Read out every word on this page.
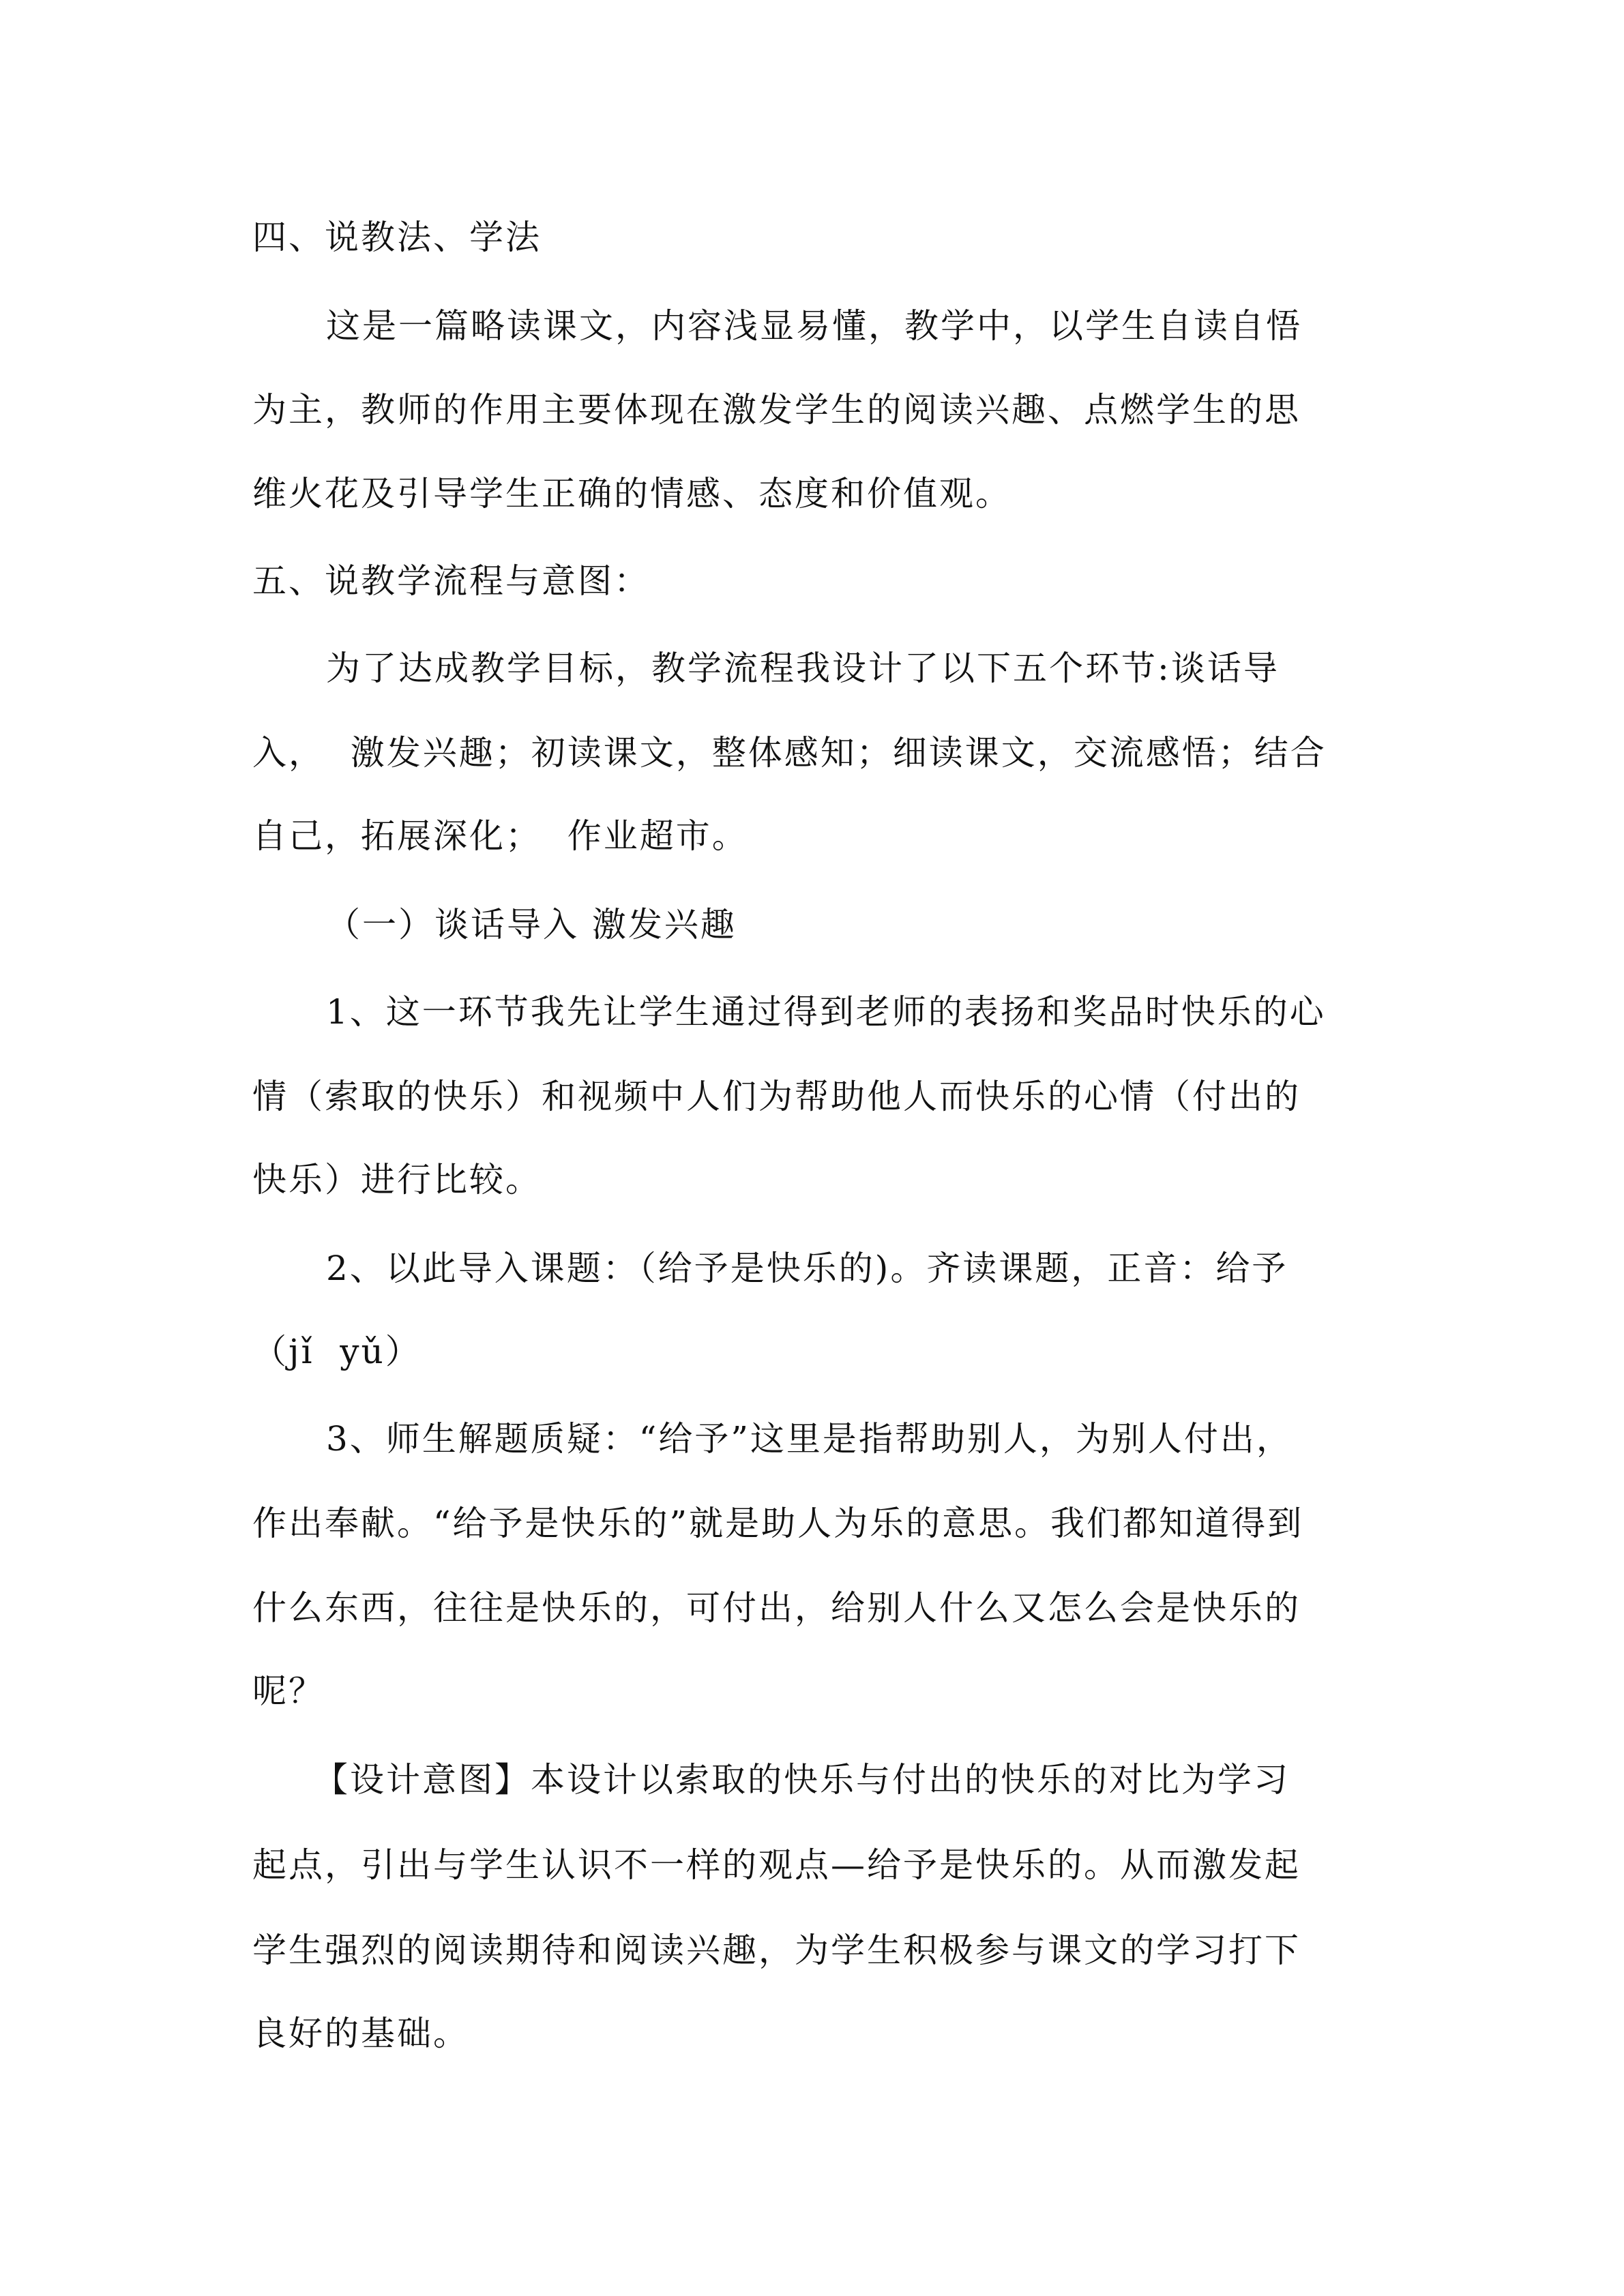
四、说教法、学法
这是一篇略读课文，内容浅显易懂，教学中，以学生自读自悟
为主，教师的作用主要体现在激发学生的阅读兴趣、点燃学生的思
维火花及引导学生正确的情感、态度和价值观。
五、说教学流程与意图：
为了达成教学目标，教学流程我设计了以下五个环节:谈话导
入，  激发兴趣；初读课文，整体感知；细读课文，交流感悟；结合
自己，拓展深化；  作业超市。
（一）谈话导入 激发兴趣
1、这一环节我先让学生通过得到老师的表扬和奖品时快乐的心
情（索取的快乐）和视频中人们为帮助他人而快乐的心情（付出的
快乐）进行比较。
2、以此导入课题：（给予是快乐的)。齐读课题，正音：给予
（jǐ  yǔ）
3、师生解题质疑：“给予”这里是指帮助别人，为别人付出，
作出奉献。“给予是快乐的”就是助人为乐的意思。我们都知道得到
什么东西，往往是快乐的，可付出，给别人什么又怎么会是快乐的
呢？
【设计意图】本设计以索取的快乐与付出的快乐的对比为学习
起点，引出与学生认识不一样的观点—给予是快乐的。从而激发起
学生强烈的阅读期待和阅读兴趣，为学生积极参与课文的学习打下
良好的基础。
